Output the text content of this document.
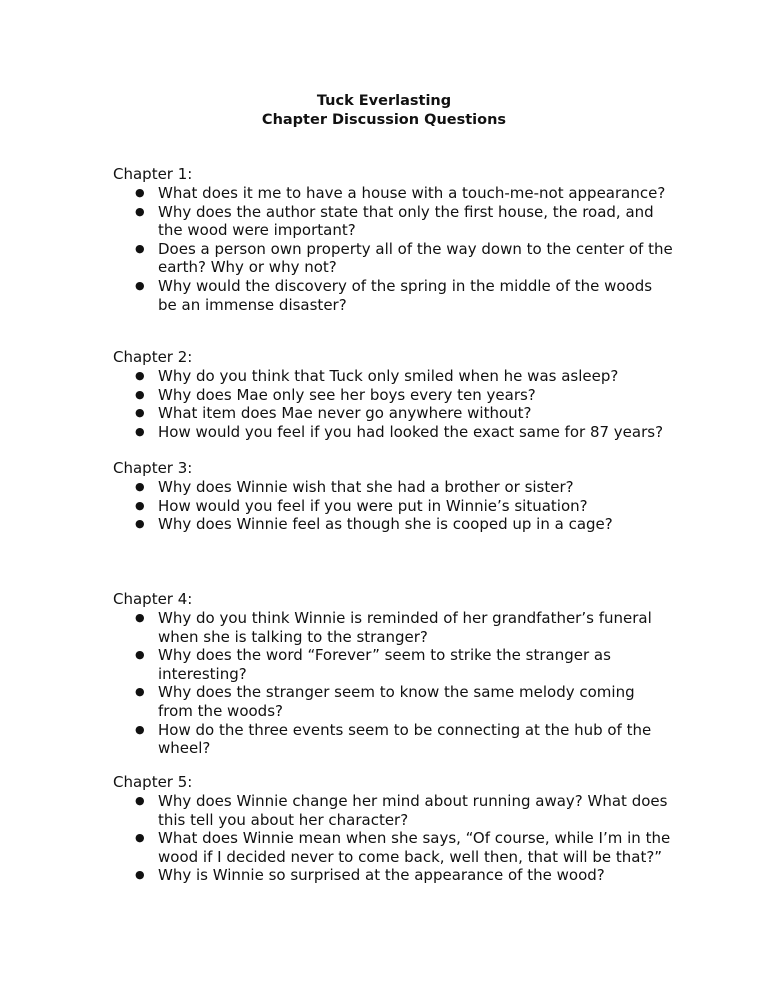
Tuck Everlasting
Chapter Discussion Questions
Chapter 1:
● What does it me to have a house with a touch-me-not appearance?
● Why does the author state that only the first house, the road, and the wood were important?
● Does a person own property all of the way down to the center of the earth? Why or why not?
● Why would the discovery of the spring in the middle of the woods be an immense disaster?
Chapter 2:
● Why do you think that Tuck only smiled when he was asleep?
● Why does Mae only see her boys every ten years?
● What item does Mae never go anywhere without?
● How would you feel if you had looked the exact same for 87 years?
Chapter 3:
● Why does Winnie wish that she had a brother or sister?
● How would you feel if you were put in Winnie’s situation?
● Why does Winnie feel as though she is cooped up in a cage?
Chapter 4:
● Why do you think Winnie is reminded of her grandfather’s funeral when she is talking to the stranger?
● Why does the word “Forever” seem to strike the stranger as interesting?
● Why does the stranger seem to know the same melody coming from the woods?
● How do the three events seem to be connecting at the hub of the wheel?
Chapter 5:
● Why does Winnie change her mind about running away? What does this tell you about her character?
● What does Winnie mean when she says, “Of course, while I’m in the wood if I decided never to come back, well then, that will be that?”
● Why is Winnie so surprised at the appearance of the wood?
